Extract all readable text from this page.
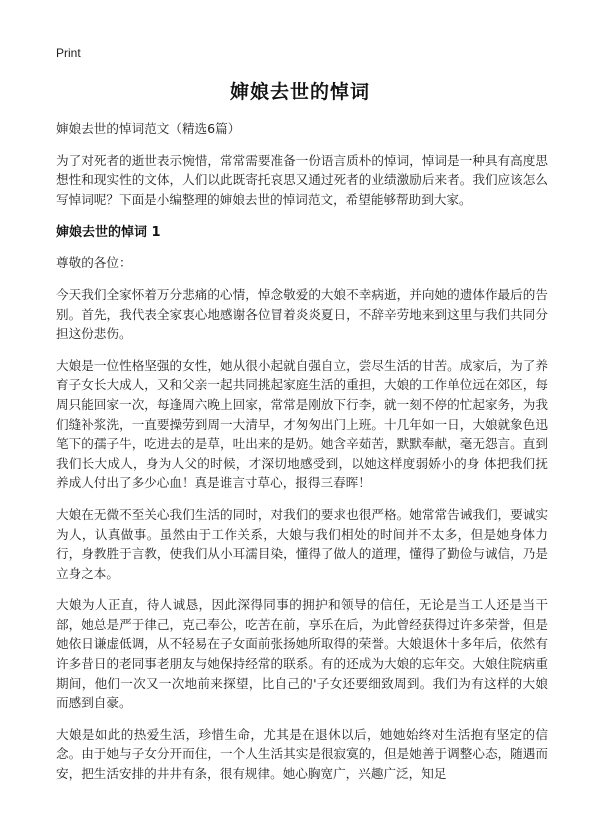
Print
婶娘去世的悼词

婶娘去世的悼词范文（精选6篇）

为了对死者的逝世表示惋惜，常常需要准备一份语言质朴的悼词，悼词是一种具有高度思想性和现实性的文体，人们以此既寄托哀思又通过死者的业绩激励后来者。我们应该怎么写悼词呢？下面是小编整理的婶娘去世的悼词范文，希望能够帮助到大家。

婶娘去世的悼词 1

尊敬的各位：

今天我们全家怀着万分悲痛的心情，悼念敬爱的大娘不幸病逝，并向她的遗体作最后的告别。首先，我代表全家衷心地感谢各位冒着炎炎夏日，不辞辛劳地来到这里与我们共同分担这份悲伤。

大娘是一位性格坚强的女性，她从很小起就自强自立，尝尽生活的甘苦。成家后，为了养育子女长大成人，又和父亲一起共同挑起家庭生活的重担，大娘的工作单位远在郊区，每周只能回家一次，每逢周六晚上回家，常常是刚放下行李，就一刻不停的忙起家务，为我们缝补浆洗，一直要操劳到周一大清早，才匆匆出门上班。十几年如一日，大娘就象色迅笔下的孺子牛，吃进去的是草，吐出来的是奶。她含辛茹苦，默默奉献，毫无怨言。直到我们长大成人，身为人父的时候，才深切地感受到，以她这样度弱娇小的身 体把我们抚养成人付出了多少心血！真是谁言寸草心，报得三春晖！

大娘在无微不至关心我们生活的同时，对我们的要求也很严格。她常常告诫我们，要诚实为人，认真做事。虽然由于工作关系，大娘与我们相处的时间并不太多，但是她身体力行，身教胜于言教，使我们从小耳濡目染，懂得了做人的道理，懂得了勤俭与诚信，乃是立身之本。

大娘为人正直，待人诚恳，因此深得同事的拥护和领导的信任，无论是当工人还是当干部，她总是严于律己，克己奉公，吃苦在前，享乐在后，为此曾经获得过许多荣誉，但是她依日谦虚低调，从不轻易在子女面前张扬她所取得的荣誉。大娘退休十多年后，依然有许多昔日的老同事老朋友与她保持经常的联系。有的还成为大娘的忘年交。大娘住院病重期间，他们一次又一次地前来探望，比自己的'子女还要细致周到。我们为有这样的大娘而感到自豪。

大娘是如此的热爱生活，珍惜生命，尤其是在退休以后，她她始终对生活抱有坚定的信念。由于她与子女分开而住，一个人生活其实是很寂寞的，但是她善于调整心态，随遇而安，把生活安排的井井有条，很有规律。她心胸宽广，兴趣广泛，知足
